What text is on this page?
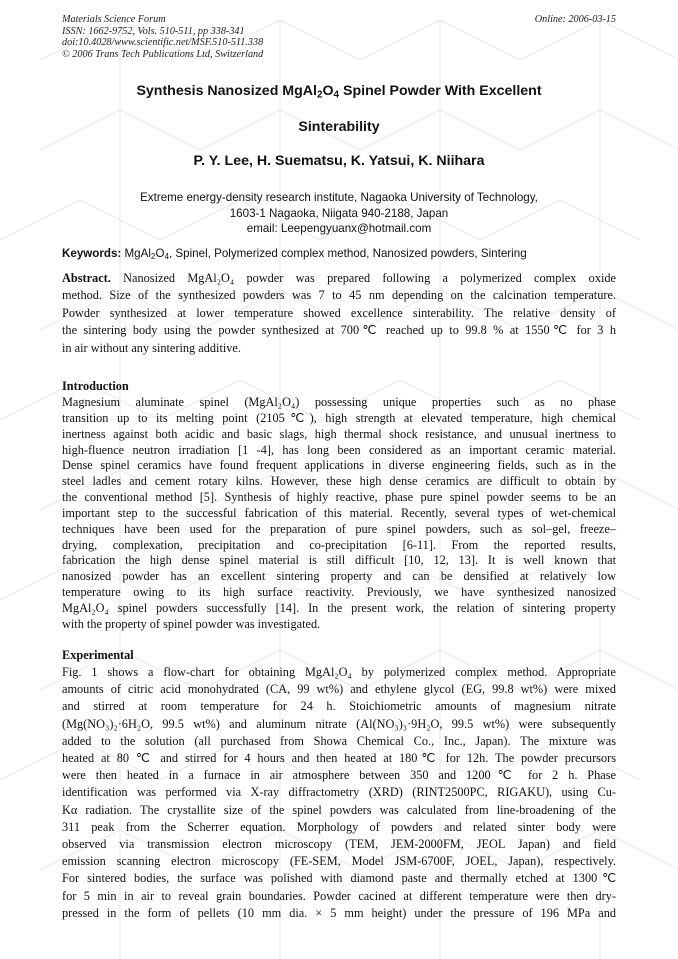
Materials Science Forum
ISSN: 1662-9752, Vols. 510-511, pp 338-341
doi:10.4028/www.scientific.net/MSF.510-511.338
© 2006 Trans Tech Publications Ltd, Switzerland
Online: 2006-03-15
Synthesis Nanosized $MgAl_2O_4$ Spinel Powder With Excellent
Sinterability
P. Y. Lee, H. Suematsu, K. Yatsui, K. Niihara
Extreme energy-density research institute, Nagaoka University of Technology,
1603-1 Nagaoka, Niigata 940-2188, Japan
email: Leepengyuanx@hotmail.com
Keywords: $MgAl_2O_4$, Spinel, Polymerized complex method, Nanosized powders, Sintering
Abstract. Nanosized MgAl₂O₄ powder was prepared following a polymerized complex oxide
method. Size of the synthesized powders was 7 to 45 nm depending on the calcination temperature.
Powder synthesized at lower temperature showed excellence sinterability. The relative density of
the sintering body using the powder synthesized at 700℃ reached up to 99.8 % at 1550℃ for 3 h
in air without any sintering additive.
Introduction
Magnesium aluminate spinel (MgAl₂O₄) possessing unique properties such as no phase
transition up to its melting point (2105℃), high strength at elevated temperature, high chemical
inertness against both acidic and basic slags, high thermal shock resistance, and unusual inertness to
high-fluence neutron irradiation [1 -4], has long been considered as an important ceramic material.
Dense spinel ceramics have found frequent applications in diverse engineering fields, such as in the
steel ladles and cement rotary kilns. However, these high dense ceramics are difficult to obtain by
the conventional method [5]. Synthesis of highly reactive, phase pure spinel powder seems to be an
important step to the successful fabrication of this material. Recently, several types of wet-chemical
techniques have been used for the preparation of pure spinel powders, such as sol–gel, freeze–
drying, complexation, precipitation and co-precipitation [6-11]. From the reported results,
fabrication the high dense spinel material is still difficult [10, 12, 13]. It is well known that
nanosized powder has an excellent sintering property and can be densified at relatively low
temperature owing to its high surface reactivity. Previously, we have synthesized nanosized
MgAl₂O₄ spinel powders successfully [14]. In the present work, the relation of sintering property
with the property of spinel powder was investigated.
Experimental
Fig. 1 shows a flow-chart for obtaining MgAl₂O₄ by polymerized complex method. Appropriate
amounts of citric acid monohydrated (CA, 99 wt%) and ethylene glycol (EG, 99.8 wt%) were mixed
and stirred at room temperature for 24 h. Stoichiometric amounts of magnesium nitrate
(Mg(NO₃)₂·6H₂O, 99.5 wt%) and aluminum nitrate (Al(NO₃)₃·9H₂O, 99.5 wt%) were subsequently
added to the solution (all purchased from Showa Chemical Co., Inc., Japan). The mixture was
heated at 80 ℃ and stirred for 4 hours and then heated at 180℃ for 12h. The powder precursors
were then heated in a furnace in air atmosphere between 350 and 1200℃ for 2 h. Phase
identification was performed via X-ray diffractometry (XRD) (RINT2500PC, RIGAKU), using Cu-
Kα radiation. The crystallite size of the spinel powders was calculated from line-broadening of the
311 peak from the Scherrer equation. Morphology of powders and related sinter body were
observed via transmission electron microscopy (TEM, JEM-2000FM, JEOL Japan) and field
emission scanning electron microscopy (FE-SEM, Model JSM-6700F, JOEL, Japan), respectively.
For sintered bodies, the surface was polished with diamond paste and thermally etched at 1300℃
for 5 min in air to reveal grain boundaries. Powder cacined at different temperature were then dry-
pressed in the form of pellets (10 mm dia. × 5 mm height) under the pressure of 196 MPa and
